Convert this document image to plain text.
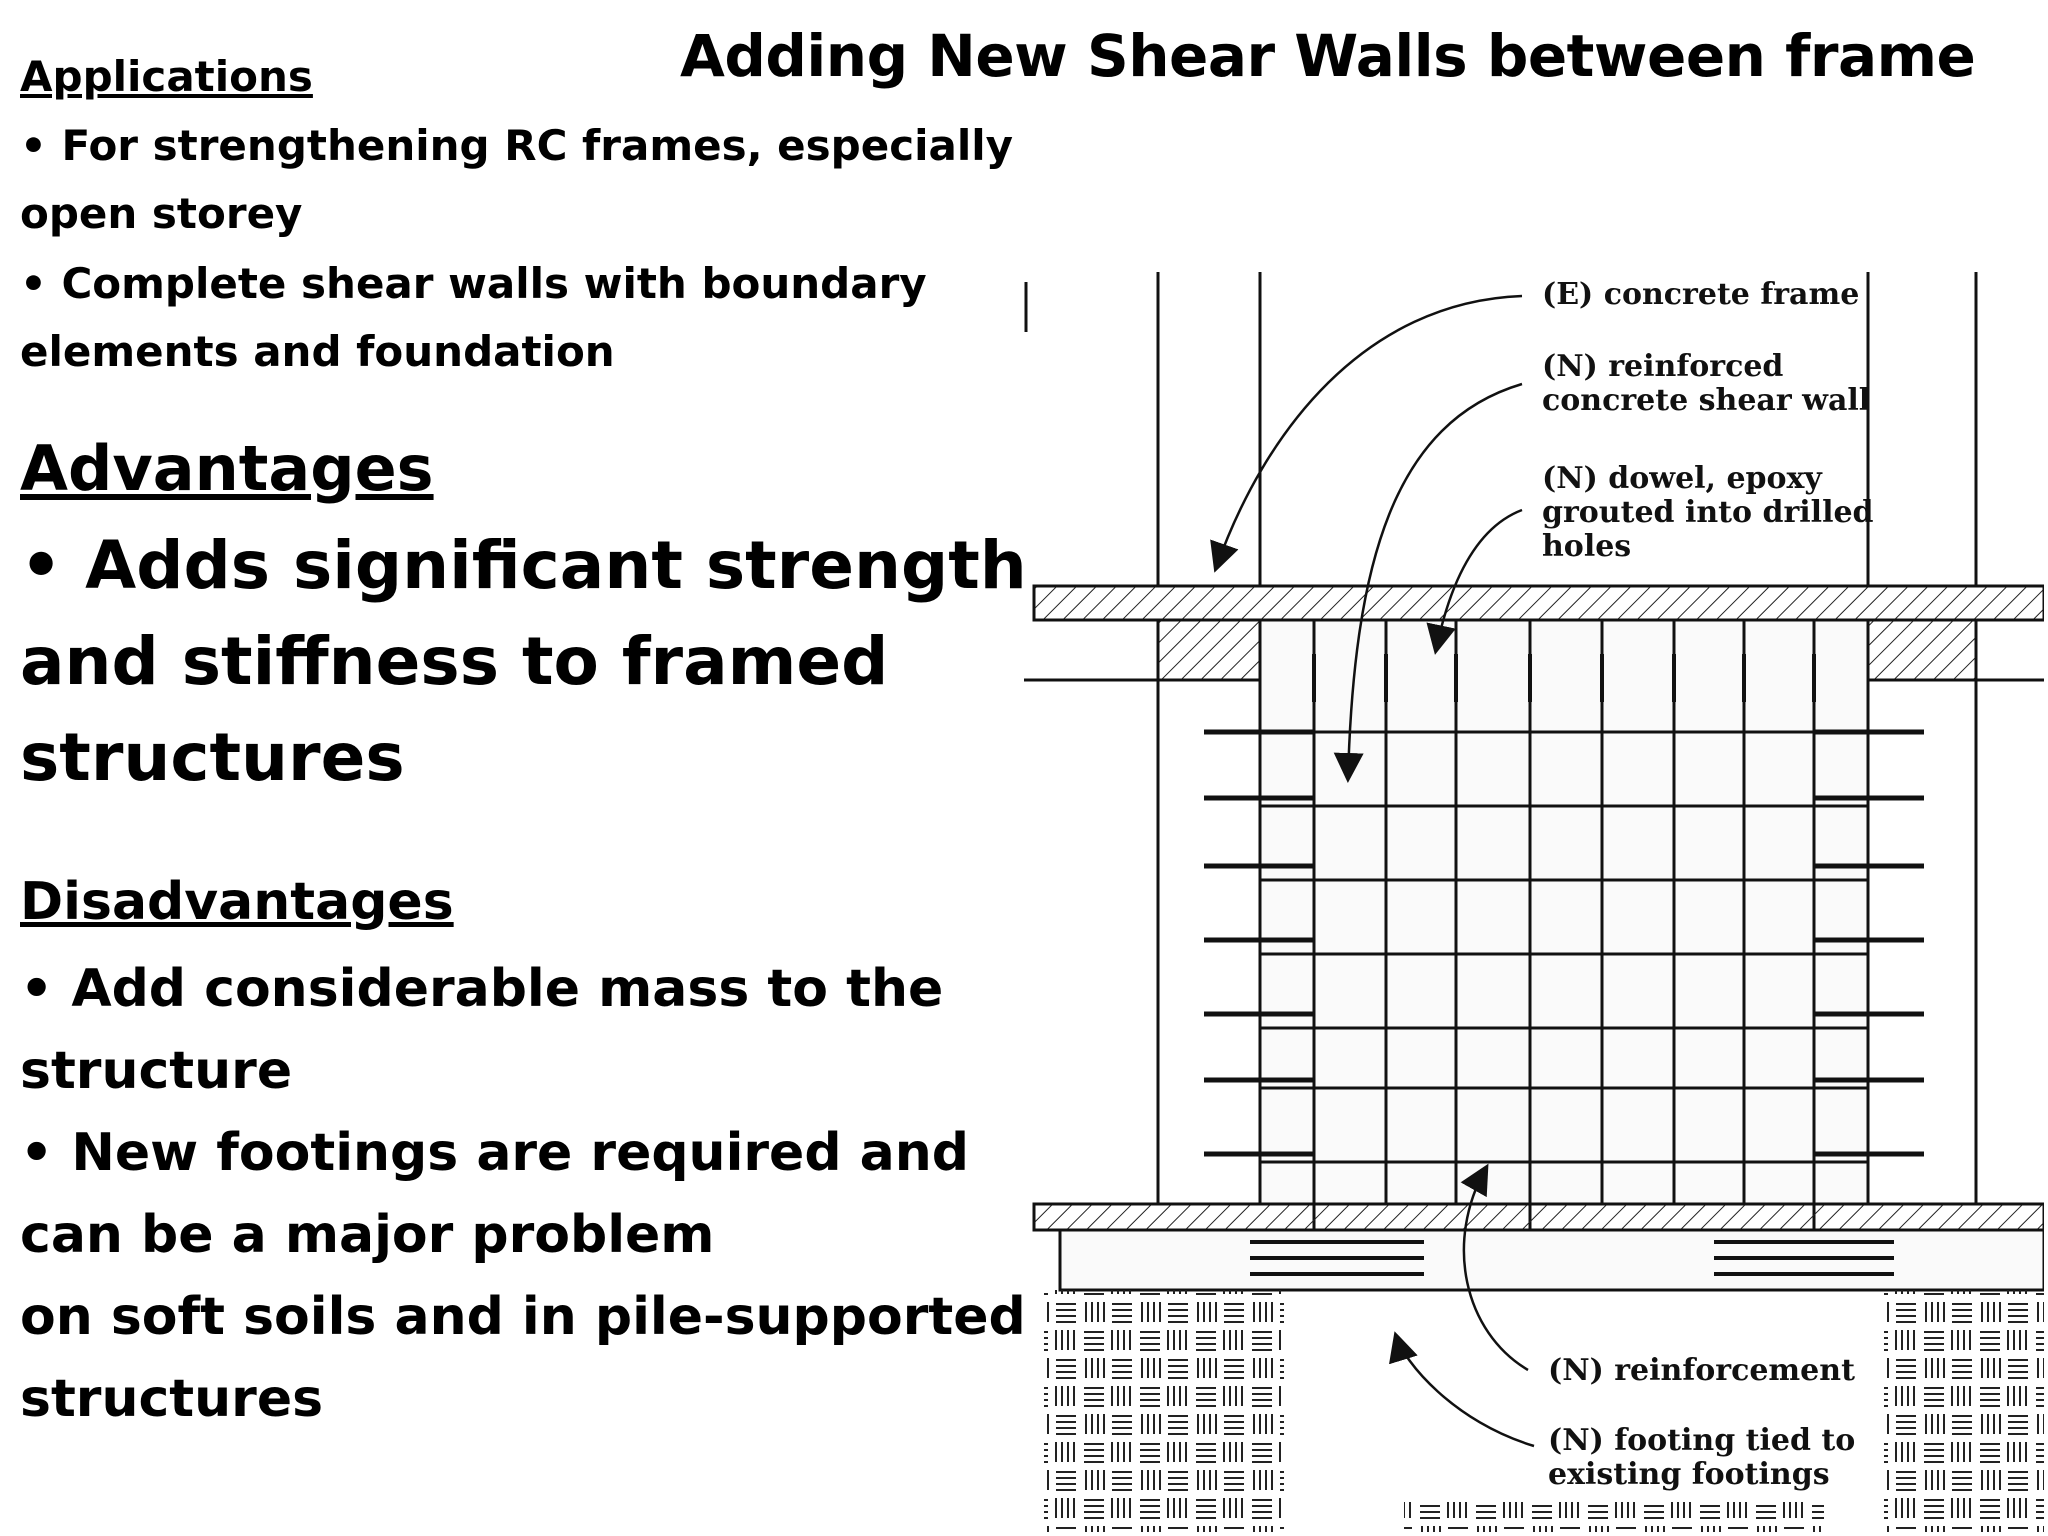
Adding New Shear Walls between frame
Applications
• For strengthening RC frames, especially
open storey
• Complete shear walls with boundary
elements and foundation
Advantages
• Adds significant strength
and stiffness to framed
structures
Disadvantages
• Add considerable mass to the
structure
• New footings are required and
can be a major problem
on soft soils and in pile-supported
structures
(E) concrete frame
(N) reinforced
concrete shear wall
(N) dowel, epoxy
grouted into drilled
holes
(N) reinforcement
(N) footing tied to
existing footings
